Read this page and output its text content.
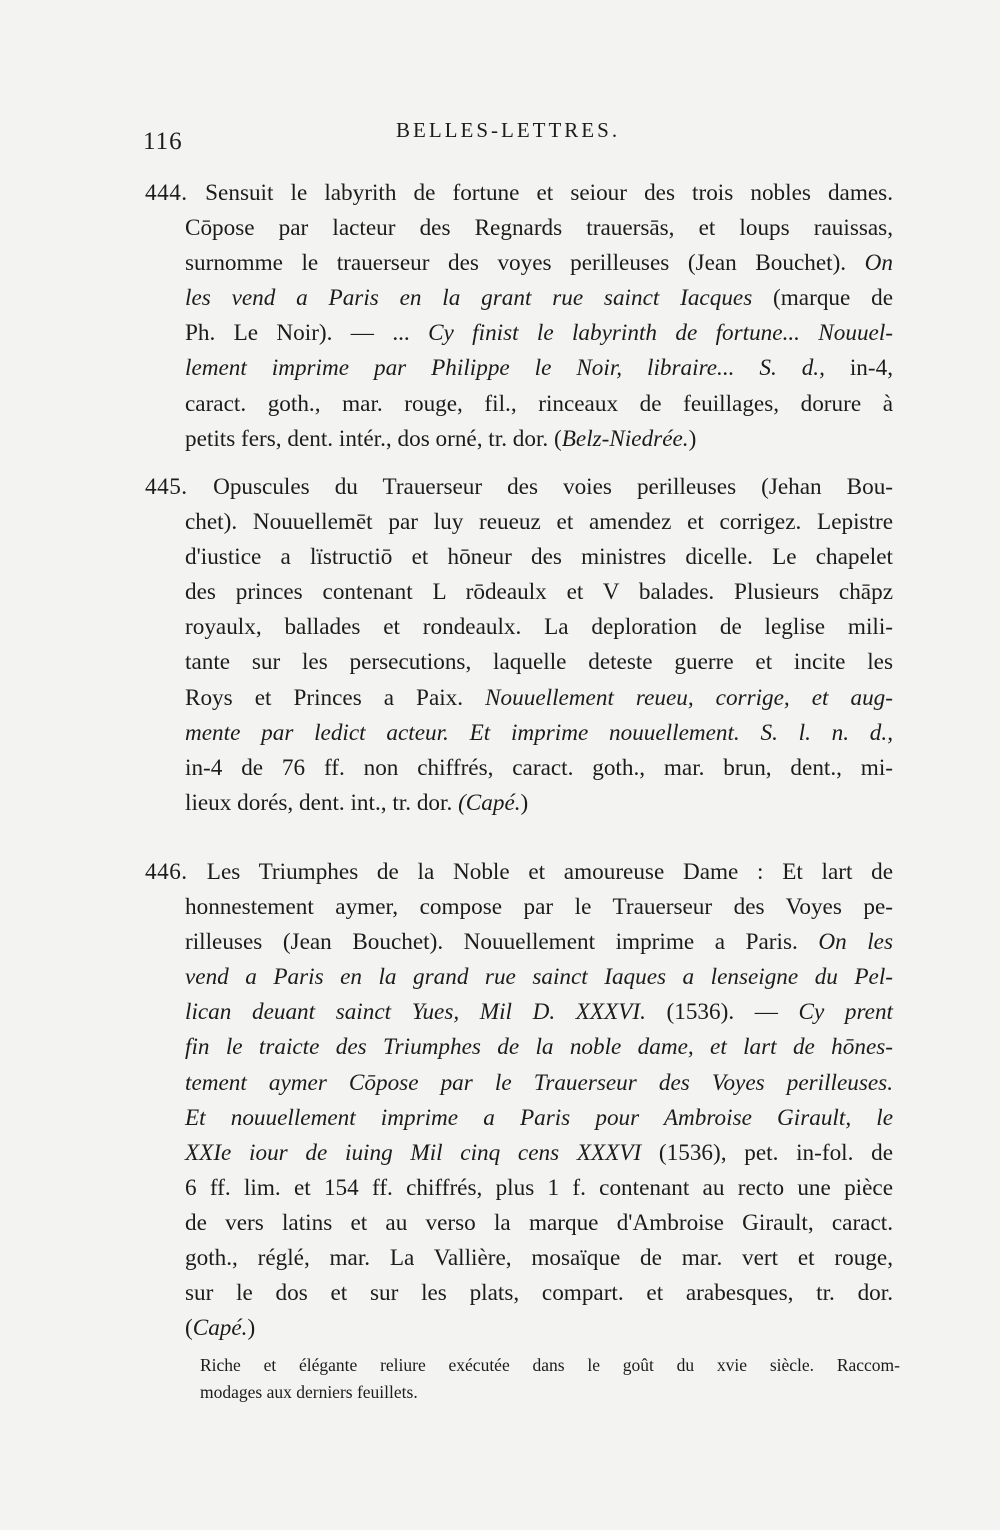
116	BELLES-LETTRES.
444. Sensuit le labyrith de fortune et seiour des trois nobles dames.
Cōpose par lacteur des Regnards trauersās, et loups rauissas,
surnomme le trauerseur des voyes perilleuses (Jean Bouchet). On
les vend a Paris en la grant rue sainct Iacques (marque de
Ph. Le Noir). — ... Cy finist le labyrinth de fortune... Nouuel-
lement imprime par Philippe le Noir, libraire... S. d., in-4,
caract. goth., mar. rouge, fil., rinceaux de feuillages, dorure à
petits fers, dent. intér., dos orné, tr. dor. (Belz-Niedrée.)
445. Opuscules du Trauerseur des voies perilleuses (Jehan Bou-
chet). Nouuellemēt par luy reueuz et amendez et corrigez. Lepistre
d'iustice a lïstructiō et hōneur des ministres dicelle. Le chapelet
des princes contenant L rōdeaulx et V balades. Plusieurs chāpz
royaulx, ballades et rondeaulx. La deploration de leglise mili-
tante sur les persecutions, laquelle deteste guerre et incite les
Roys et Princes a Paix. Nouuellement reueu, corrige, et aug-
mente par ledict acteur. Et imprime nouuellement. S. l. n. d.,
in-4 de 76 ff. non chiffrés, caract. goth., mar. brun, dent., mi-
lieux dorés, dent. int., tr. dor. (Capé.)
446. Les Triumphes de la Noble et amoureuse Dame : Et lart de
honnestement aymer, compose par le Trauerseur des Voyes pe-
rilleuses (Jean Bouchet). Nouuellement imprime a Paris. On les
vend a Paris en la grand rue sainct Iaques a lenseigne du Pel-
lican deuant sainct Yues, Mil D. XXXVI. (1536). — Cy prent
fin le traicte des Triumphes de la noble dame, et lart de hōnes-
tement aymer Cōpose par le Trauerseur des Voyes perilleuses.
Et nouuellement imprime a Paris pour Ambroise Girault, le
XXIe iour de iuing Mil cinq cens XXXVI (1536), pet. in-fol. de
6 ff. lim. et 154 ff. chiffrés, plus 1 f. contenant au recto une pièce
de vers latins et au verso la marque d'Ambroise Girault, caract.
goth., réglé, mar. La Vallière, mosaïque de mar. vert et rouge,
sur le dos et sur les plats, compart. et arabesques, tr. dor.
(Capé.)
Riche et élégante reliure exécutée dans le goût du xvie siècle. Raccom-
modages aux derniers feuillets.
